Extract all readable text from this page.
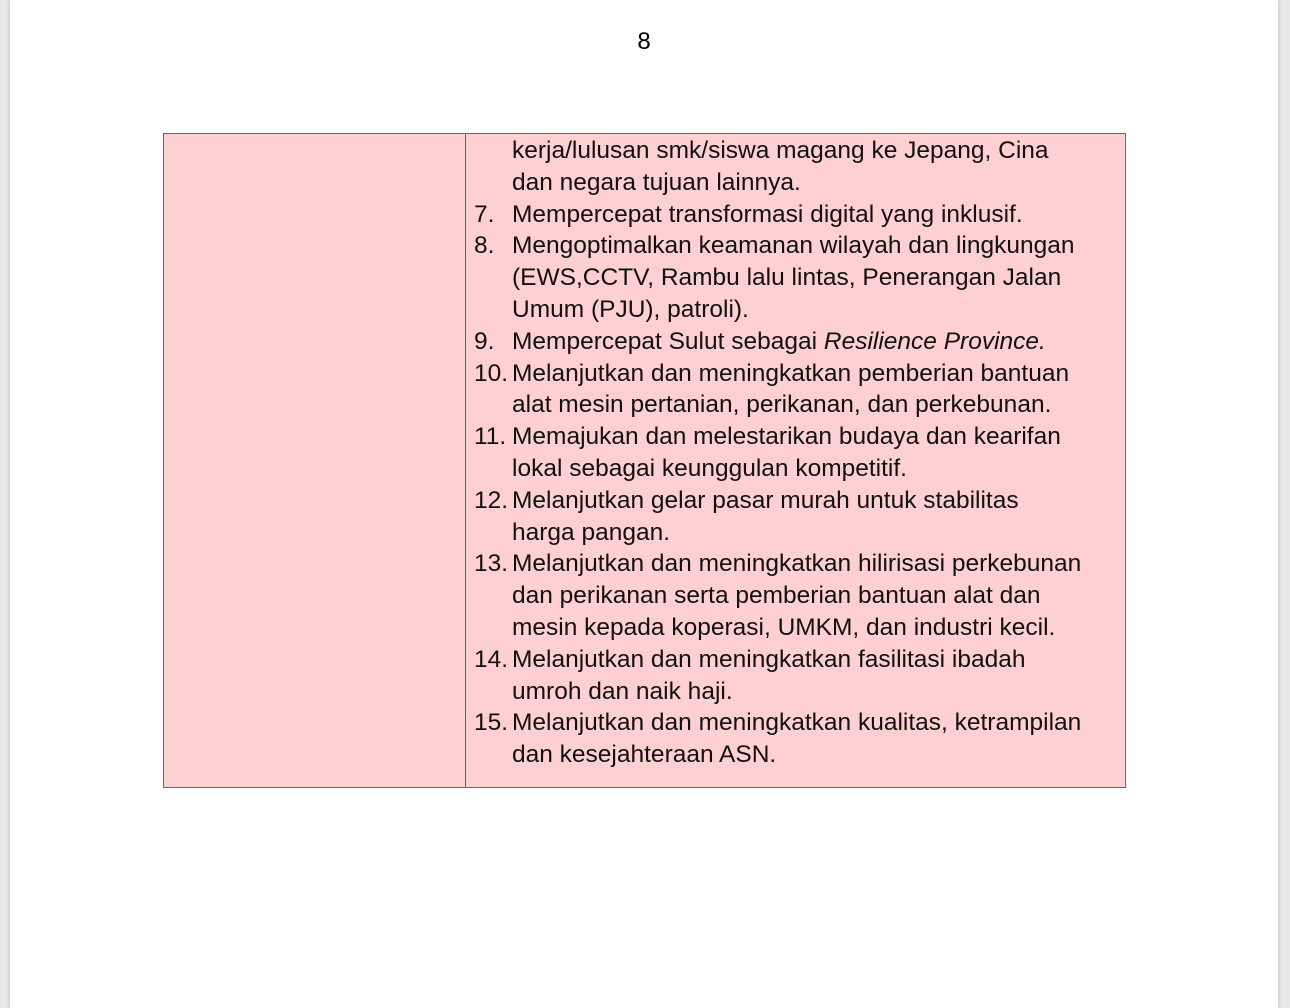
8
kerja/lulusan smk/siswa magang ke Jepang, Cina
dan negara tujuan lainnya.
7. Mempercepat transformasi digital yang inklusif.
8. Mengoptimalkan keamanan wilayah dan lingkungan
(EWS,CCTV, Rambu lalu lintas, Penerangan Jalan
Umum (PJU), patroli).
9. Mempercepat Sulut sebagai Resilience Province.
10. Melanjutkan dan meningkatkan pemberian bantuan
alat mesin pertanian, perikanan, dan perkebunan.
11. Memajukan dan melestarikan budaya dan kearifan
lokal sebagai keunggulan kompetitif.
12. Melanjutkan gelar pasar murah untuk stabilitas
harga pangan.
13. Melanjutkan dan meningkatkan hilirisasi perkebunan
dan perikanan serta pemberian bantuan alat dan
mesin kepada koperasi, UMKM, dan industri kecil.
14. Melanjutkan dan meningkatkan fasilitasi ibadah
umroh dan naik haji.
15. Melanjutkan dan meningkatkan kualitas, ketrampilan
dan kesejahteraan ASN.
